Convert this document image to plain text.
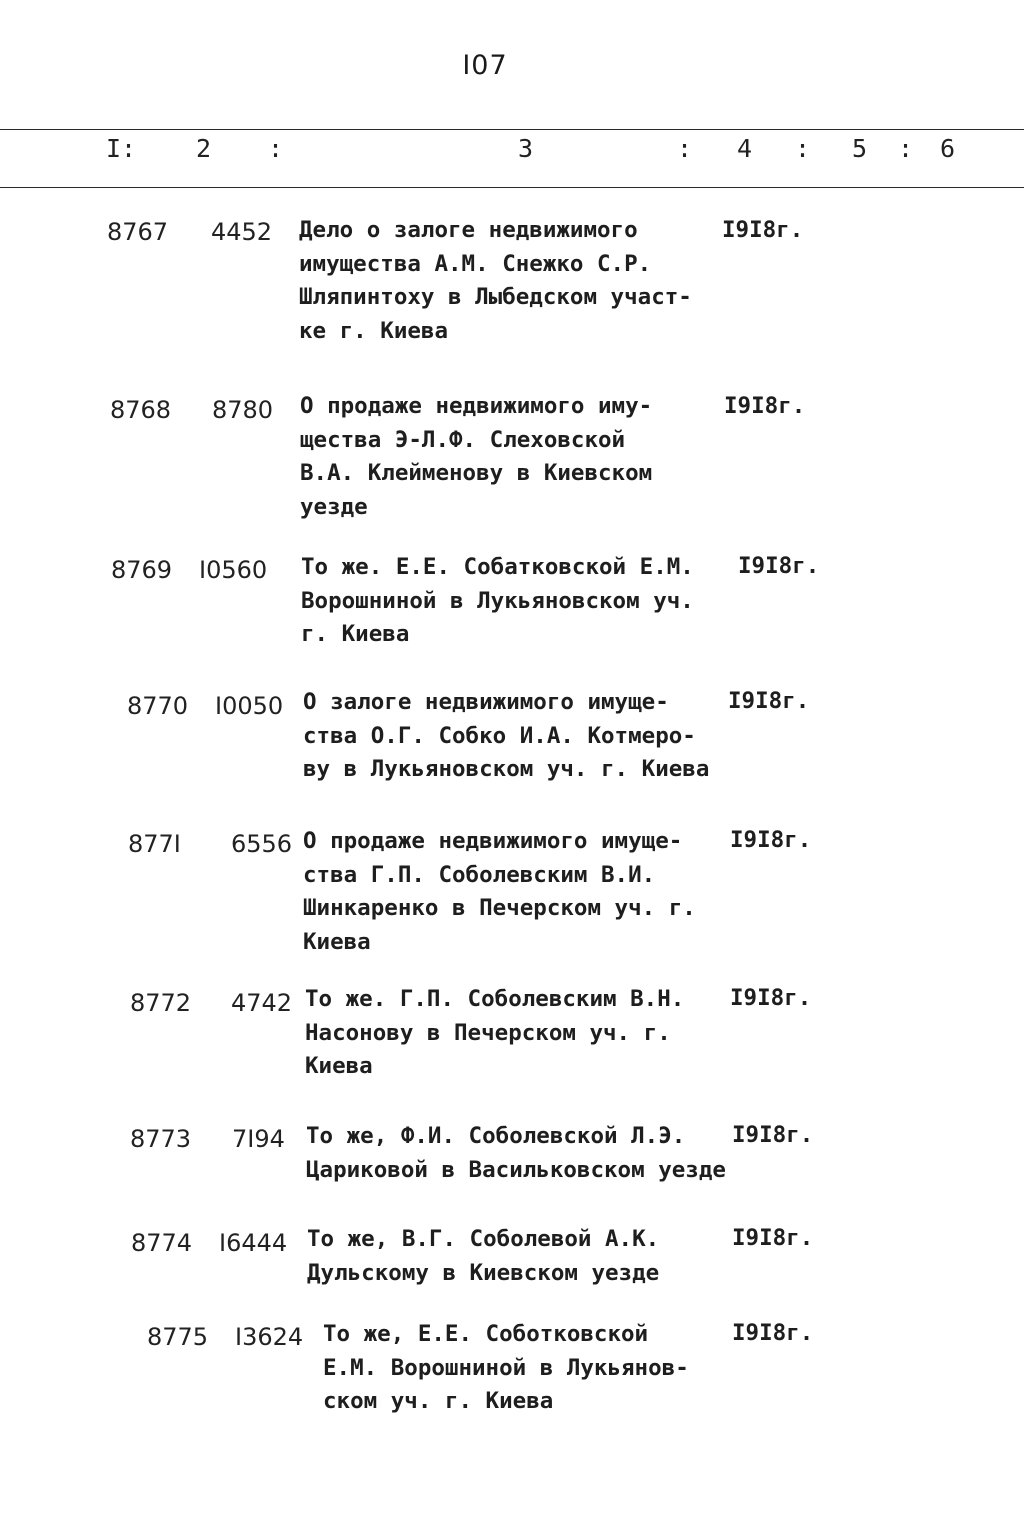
I07
I: 2 :	3	: 4 : 5 : 6
8767 4452 Дело о залоге недвижимого
имущества А.М. Снежко С.Р.
Шляпинтоху в Лыбедском участ-
ке г. Киева
I9I8г.
8768 8780 О продаже недвижимого иму-
щества Э-Л.Ф. Слеховской
В.А. Клейменову в Киевском
уезде
I9I8г.
8769 I0560 То же. Е.Е. Собатковской Е.М.
Ворошниной в Лукьяновском уч.
г. Киева
I9I8г.
8770 I0050 О залоге недвижимого имуще-
ства О.Г. Собко И.А. Котмеро-
ву в Лукьяновском уч. г. Киева
I9I8г.
877I 6556 О продаже недвижимого имуще-
ства Г.П. Соболевским В.И.
Шинкаренко в Печерском уч. г.
Киева
I9I8г.
8772 4742 То же. Г.П. Соболевским В.Н.
Насонову в Печерском уч. г.
Киева
I9I8г.
8773 7I94 То же, Ф.И. Соболевской Л.Э.
Цариковой в Васильковском уезде
I9I8г.
8774 I6444 То же, В.Г. Соболевой А.К.
Дульскому в Киевском уезде
I9I8г.
8775 I3624 То же, Е.Е. Соботковской
Е.М. Ворошниной в Лукьянов-
ском уч. г. Киева
I9I8г.
